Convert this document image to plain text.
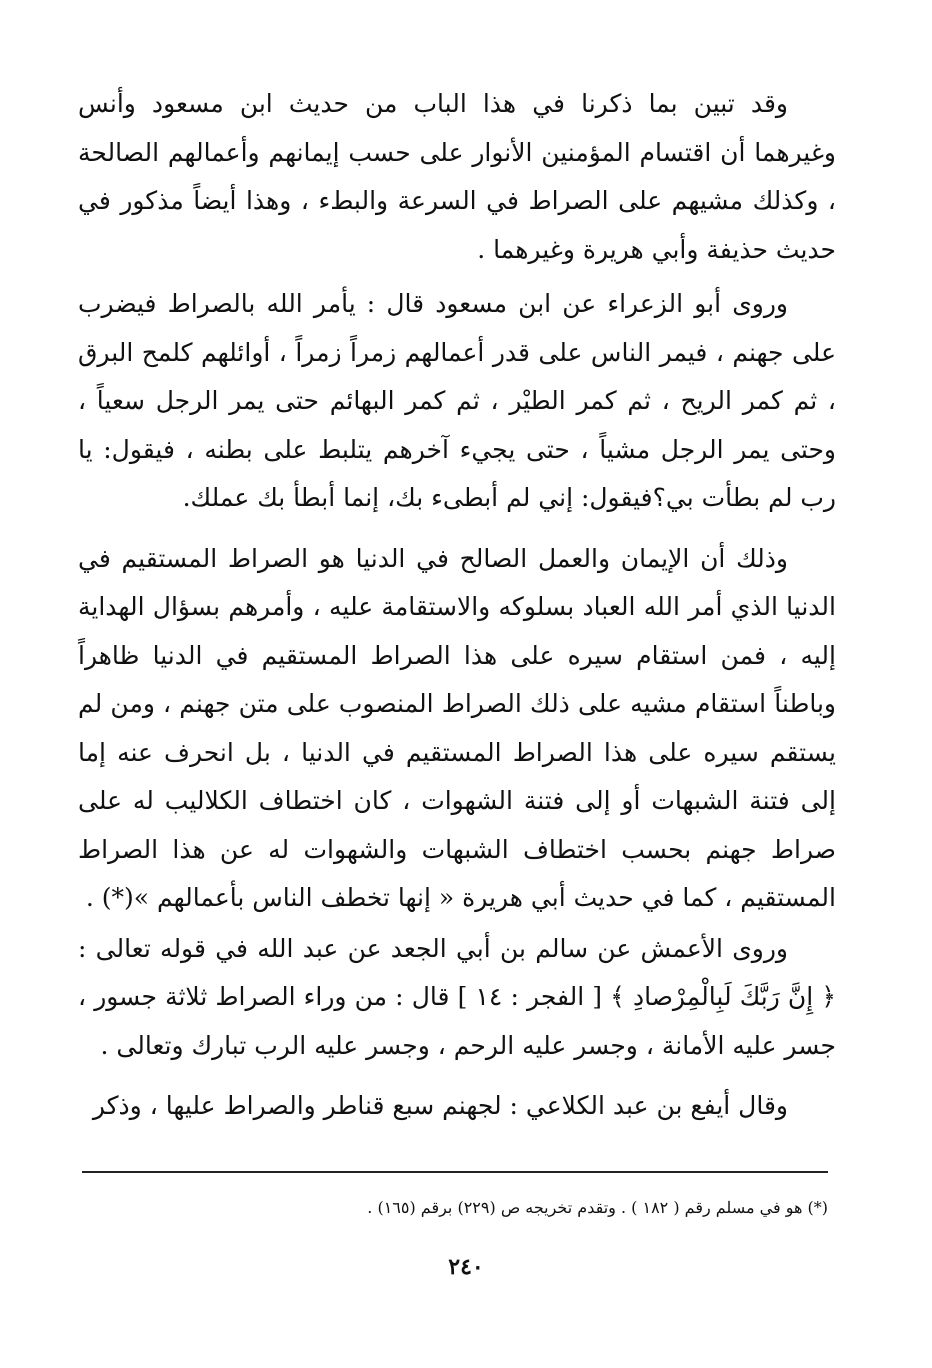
وقد تبين بما ذكرنا في هذا الباب من حديث ابن مسعود وأنس وغيرهما أن اقتسام المؤمنين الأنوار على حسب إيمانهم وأعمالهم الصالحة ، وكذلك مشيهم على الصراط في السرعة والبطء ، وهذا أيضاً مذكور في حديث حذيفة وأبي هريرة وغيرهما .

وروى أبو الزعراء عن ابن مسعود قال : يأمر الله بالصراط فيضرب على جهنم ، فيمر الناس على قدر أعمالهم زمراً زمراً ، أوائلهم كلمح البرق ، ثم كمر الريح ، ثم كمر الطيْر ، ثم كمر البهائم حتى يمر الرجل سعياً ، وحتى يمر الرجل مشياً ، حتى يجيء آخرهم يتلبط على بطنه ، فيقول: يا رب لم بطأت بي؟فيقول: إني لم أبطىء بك، إنما أبطأ بك عملك.

وذلك أن الإيمان والعمل الصالح في الدنيا هو الصراط المستقيم في الدنيا الذي أمر الله العباد بسلوكه والاستقامة عليه ، وأمرهم بسؤال الهداية إليه ، فمن استقام سيره على هذا الصراط المستقيم في الدنيا ظاهراً وباطناً استقام مشيه على ذلك الصراط المنصوب على متن جهنم ، ومن لم يستقم سيره على هذا الصراط المستقيم في الدنيا ، بل انحرف عنه إما إلى فتنة الشبهات أو إلى فتنة الشهوات ، كان اختطاف الكلاليب له على صراط جهنم بحسب اختطاف الشبهات والشهوات له عن هذا الصراط المستقيم ، كما في حديث أبي هريرة « إنها تخطف الناس بأعمالهم »(*) .

وروى الأعمش عن سالم بن أبي الجعد عن عبد الله في قوله تعالى : ﴿ إِنَّ رَبَّكَ لَبِالْمِرْصادِ ﴾ [ الفجر : ١٤ ] قال : من وراء الصراط ثلاثة جسور ، جسر عليه الأمانة ، وجسر عليه الرحم ، وجسر عليه الرب تبارك وتعالى .

وقال أيفع بن عبد الكلاعي : لجهنم سبع قناطر والصراط عليها ، وذكر

(*) هو في مسلم رقم ( ١٨٢ ) . وتقدم تخريجه ص (٢٢٩) برقم (١٦٥) .
٢٤٠
